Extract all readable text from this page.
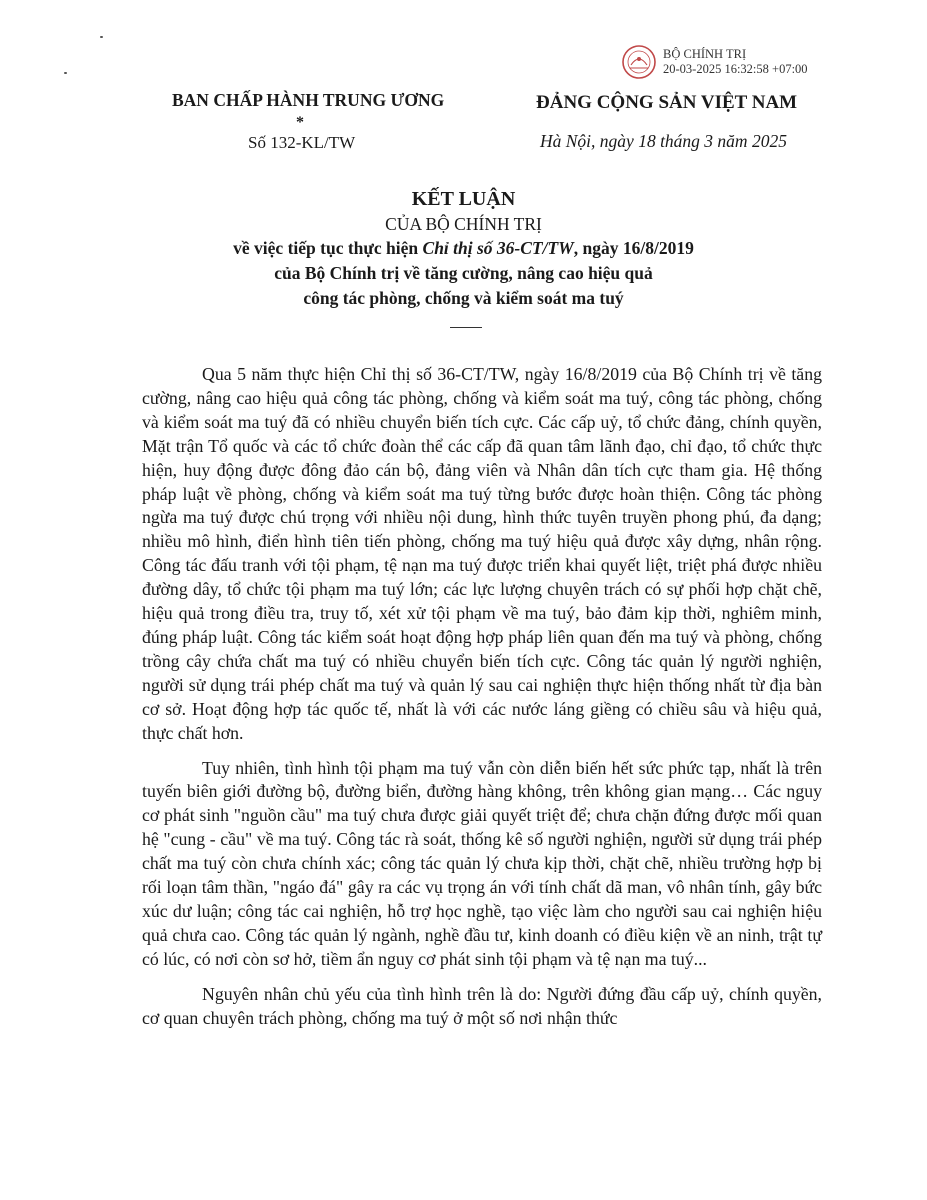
BỘ CHÍNH TRỊ
20-03-2025 16:32:58 +07:00
BAN CHẤP HÀNH TRUNG ƯƠNG
*
ĐẢNG CỘNG SẢN VIỆT NAM
Số 132-KL/TW	Hà Nội, ngày 18 tháng 3 năm 2025
KẾT LUẬN
CỦA BỘ CHÍNH TRỊ
về việc tiếp tục thực hiện Chỉ thị số 36-CT/TW, ngày 16/8/2019
của Bộ Chính trị về tăng cường, nâng cao hiệu quả
công tác phòng, chống và kiểm soát ma tuý

Qua 5 năm thực hiện Chỉ thị số 36-CT/TW, ngày 16/8/2019 của Bộ Chính trị về tăng cường, nâng cao hiệu quả công tác phòng, chống và kiểm soát ma tuý, công tác phòng, chống và kiểm soát ma tuý đã có nhiều chuyển biến tích cực. Các cấp uỷ, tổ chức đảng, chính quyền, Mặt trận Tổ quốc và các tổ chức đoàn thể các cấp đã quan tâm lãnh đạo, chỉ đạo, tổ chức thực hiện, huy động được đông đảo cán bộ, đảng viên và Nhân dân tích cực tham gia. Hệ thống pháp luật về phòng, chống và kiểm soát ma tuý từng bước được hoàn thiện. Công tác phòng ngừa ma tuý được chú trọng với nhiều nội dung, hình thức tuyên truyền phong phú, đa dạng; nhiều mô hình, điển hình tiên tiến phòng, chống ma tuý hiệu quả được xây dựng, nhân rộng. Công tác đấu tranh với tội phạm, tệ nạn ma tuý được triển khai quyết liệt, triệt phá được nhiều đường dây, tổ chức tội phạm ma tuý lớn; các lực lượng chuyên trách có sự phối hợp chặt chẽ, hiệu quả trong điều tra, truy tố, xét xử tội phạm về ma tuý, bảo đảm kịp thời, nghiêm minh, đúng pháp luật. Công tác kiểm soát hoạt động hợp pháp liên quan đến ma tuý và phòng, chống trồng cây chứa chất ma tuý có nhiều chuyển biến tích cực. Công tác quản lý người nghiện, người sử dụng trái phép chất ma tuý và quản lý sau cai nghiện thực hiện thống nhất từ địa bàn cơ sở. Hoạt động hợp tác quốc tế, nhất là với các nước láng giềng có chiều sâu và hiệu quả, thực chất hơn.

Tuy nhiên, tình hình tội phạm ma tuý vẫn còn diễn biến hết sức phức tạp, nhất là trên tuyến biên giới đường bộ, đường biển, đường hàng không, trên không gian mạng… Các nguy cơ phát sinh "nguồn cầu" ma tuý chưa được giải quyết triệt để; chưa chặn đứng được mối quan hệ "cung - cầu" về ma tuý. Công tác rà soát, thống kê số người nghiện, người sử dụng trái phép chất ma tuý còn chưa chính xác; công tác quản lý chưa kịp thời, chặt chẽ, nhiều trường hợp bị rối loạn tâm thần, "ngáo đá" gây ra các vụ trọng án với tính chất dã man, vô nhân tính, gây bức xúc dư luận; công tác cai nghiện, hỗ trợ học nghề, tạo việc làm cho người sau cai nghiện hiệu quả chưa cao. Công tác quản lý ngành, nghề đầu tư, kinh doanh có điều kiện về an ninh, trật tự có lúc, có nơi còn sơ hở, tiềm ẩn nguy cơ phát sinh tội phạm và tệ nạn ma tuý...

Nguyên nhân chủ yếu của tình hình trên là do: Người đứng đầu cấp uỷ, chính quyền, cơ quan chuyên trách phòng, chống ma tuý ở một số nơi nhận thức
